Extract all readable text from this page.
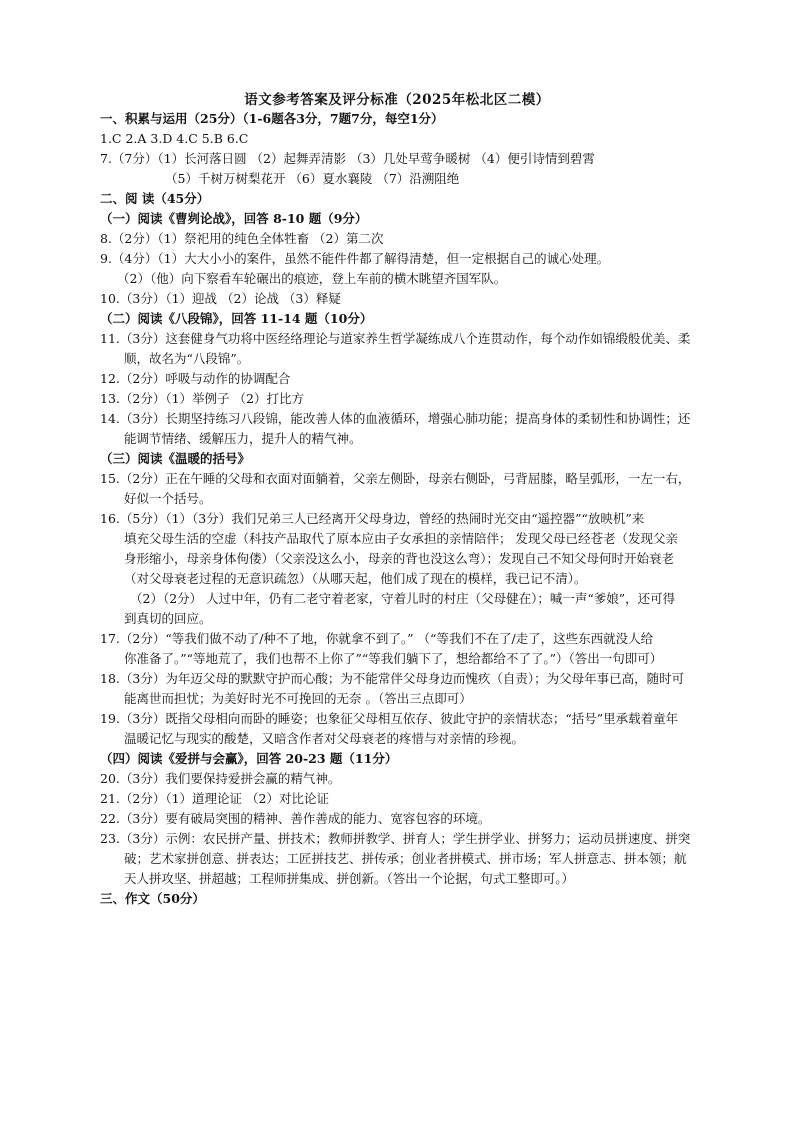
语文参考答案及评分标准（2025年松北区二模）
一、积累与运用（25分）（1-6题各3分，7题7分，每空1分）
1.C 2.A 3.D 4.C 5.B 6.C
7.（7分）（1）长河落日圆 （2）起舞弄清影 （3）几处早莺争暖树 （4）便引诗情到碧霄
（5）千树万树梨花开 （6）夏水襄陵 （7）沿溯阻绝
二、阅 读（45分）
（一）阅读《曹刿论战》，回答 8-10 题（9分）
8.（2分）（1）祭祀用的纯色全体牲畜 （2）第二次
9.（4分）（1）大大小小的案件，虽然不能件件都了解得清楚，但一定根据自己的诚心处理。
（2）（他）向下察看车轮碾出的痕迹，登上车前的横木眺望齐国军队。
10.（3分）（1）迎战 （2）论战 （3）释疑
（二）阅读《八段锦》，回答 11-14 题（10分）
11.（3分）这套健身气功将中医经络理论与道家养生哲学凝练成八个连贯动作，每个动作如锦缎般优美、柔
顺，故名为“八段锦”。
12.（2分）呼吸与动作的协调配合
13.（2分）（1）举例子 （2）打比方
14.（3分）长期坚持练习八段锦，能改善人体的血液循环，增强心肺功能；提高身体的柔韧性和协调性；还
能调节情绪、缓解压力，提升人的精气神。
（三）阅读《温暖的括号》
15.（2分）正在午睡的父母和衣面对面躺着，父亲左侧卧，母亲右侧卧，弓背屈膝，略呈弧形，一左一右，
好似一个括号。
16.（5分）（1）（3分）我们兄弟三人已经离开父母身边，曾经的热闹时光交由“遥控器”“放映机”来
填充父母生活的空虚（科技产品取代了原本应由子女承担的亲情陪伴； 发现父母已经苍老（发现父亲
身形缩小，母亲身体佝偻）（父亲没这么小，母亲的背也没这么弯）；发现自己不知父母何时开始衰老
（对父母衰老过程的无意识疏忽）（从哪天起，他们成了现在的模样，我已记不清）。
（2）（2分） 人过中年，仍有二老守着老家，守着儿时的村庄（父母健在）；喊一声“爹娘”，还可得
到真切的回应。
17.（2分）“等我们做不动了/种不了地，你就拿不到了。” （“等我们不在了/走了，这些东西就没人给
你准备了。”“等地荒了，我们也帮不上你了”“等我们躺下了，想给都给不了了。”）（答出一句即可）
18.（3分）为年迈父母的默默守护而心酸；为不能常伴父母身边而愧疚（自责）；为父母年事已高，随时可
能离世而担忧；为美好时光不可挽回的无奈 。（答出三点即可）
19.（3分）既指父母相向而卧的睡姿；也象征父母相互依存、彼此守护的亲情状态；“括号”里承载着童年
温暖记忆与现实的酸楚，又暗含作者对父母衰老的疼惜与对亲情的珍视。
（四）阅读《爱拼与会赢》，回答 20-23 题（11分）
20.（3分）我们要保持爱拼会赢的精气神。
21.（2分）（1）道理论证 （2）对比论证
22.（3分）要有破局突围的精神、善作善成的能力、宽容包容的环境。
23.（3分）示例：农民拼产量、拼技术；教师拼教学、拼育人；学生拼学业、拼努力；运动员拼速度、拼突
破；艺术家拼创意、拼表达；工匠拼技艺、拼传承；创业者拼模式、拼市场；军人拼意志、拼本领；航
天人拼攻坚、拼超越；工程师拼集成、拼创新。（答出一个论据，句式工整即可。）
三、作文（50分）
